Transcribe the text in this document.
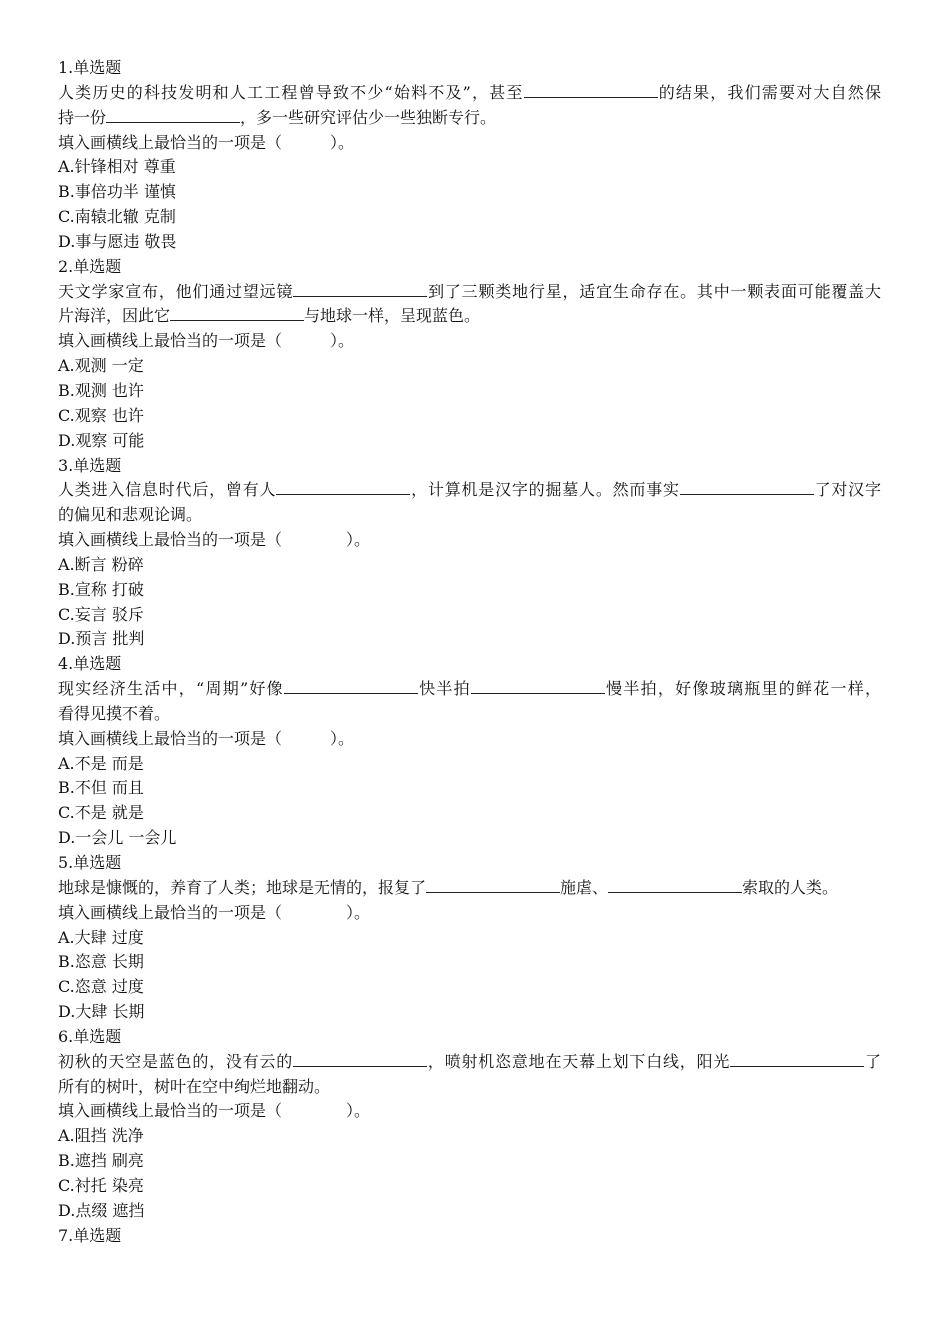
1.单选题
人类历史的科技发明和人工工程曾导致不少“始料不及”，甚至	的结果，我们需要对大自然保
持一份	，多一些研究评估少一些独断专行。
填入画横线上最恰当的一项是（　　　）。
A.针锋相对 尊重
B.事倍功半 谨慎
C.南辕北辙 克制
D.事与愿违 敬畏
2.单选题
天文学家宣布，他们通过望远镜	到了三颗类地行星，适宜生命存在。其中一颗表面可能覆盖大
片海洋，因此它	与地球一样，呈现蓝色。
填入画横线上最恰当的一项是（　　　）。
A.观测 一定
B.观测 也许
C.观察 也许
D.观察 可能
3.单选题
人类进入信息时代后，曾有人	，计算机是汉字的掘墓人。然而事实	了对汉字
的偏见和悲观论调。
填入画横线上最恰当的一项是（　　　　）。
A.断言 粉碎
B.宣称 打破
C.妄言 驳斥
D.预言 批判
4.单选题
现实经济生活中，“周期”好像	快半拍	慢半拍，好像玻璃瓶里的鲜花一样，
看得见摸不着。
填入画横线上最恰当的一项是（　　　）。
A.不是 而是
B.不但 而且
C.不是 就是
D.一会儿 一会儿
5.单选题
地球是慷慨的，养育了人类；地球是无情的，报复了	施虐、	索取的人类。
填入画横线上最恰当的一项是（　　　　）。
A.大肆 过度
B.恣意 长期
C.恣意 过度
D.大肆 长期
6.单选题
初秋的天空是蓝色的，没有云的	，喷射机恣意地在天幕上划下白线，阳光	了
所有的树叶，树叶在空中绚烂地翻动。
填入画横线上最恰当的一项是（　　　　）。
A.阻挡 洗净
B.遮挡 刷亮
C.衬托 染亮
D.点缀 遮挡
7.单选题
